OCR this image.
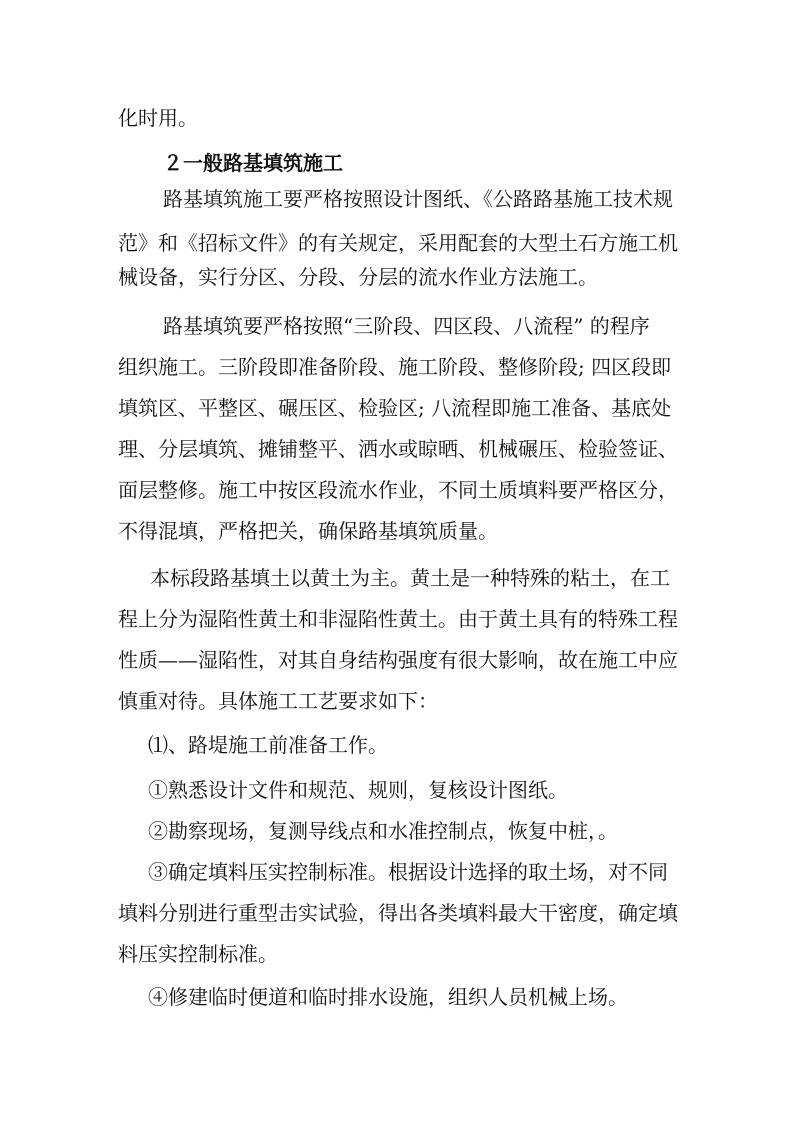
化时用。
２一般路基填筑施工
路基填筑施工要严格按照设计图纸、《公路路基施工技术规
范》和《招标文件》的有关规定，采用配套的大型土石方施工机
械设备，实行分区、分段、分层的流水作业方法施工。
路基填筑要严格按照“三阶段、四区段、八流程” 的程序
组织施工。三阶段即准备阶段、施工阶段、整修阶段; 四区段即
填筑区、平整区、碾压区、检验区; 八流程即施工准备、基底处
理、分层填筑、摊铺整平、洒水或晾晒、机械碾压、检验签证、
面层整修。施工中按区段流水作业，不同土质填料要严格区分，
不得混填，严格把关，确保路基填筑质量。
本标段路基填土以黄土为主。黄土是一种特殊的粘土，在工
程上分为湿陷性黄土和非湿陷性黄土。由于黄土具有的特殊工程
性质——湿陷性，对其自身结构强度有很大影响，故在施工中应
慎重对待。具体施工工艺要求如下：
⑴、路堤施工前准备工作。
①熟悉设计文件和规范、规则，复核设计图纸。
②勘察现场，复测导线点和水准控制点，恢复中桩，。
③确定填料压实控制标准。根据设计选择的取土场，对不同
填料分别进行重型击实试验，得出各类填料最大干密度，确定填
料压实控制标准。
④修建临时便道和临时排水设施，组织人员机械上场。
